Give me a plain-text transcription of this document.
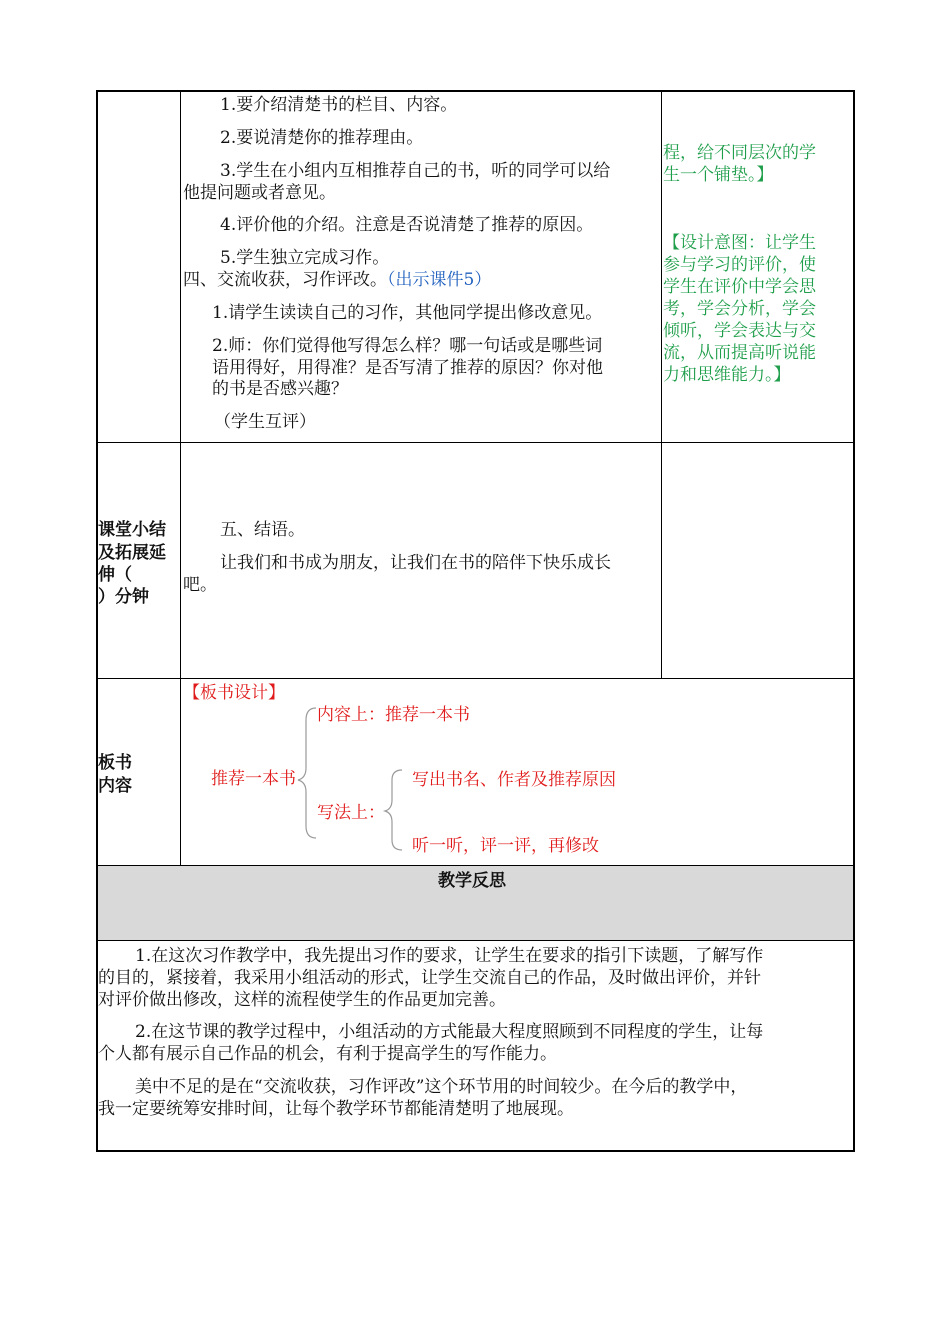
1.要介绍清楚书的栏目、内容。
2.要说清楚你的推荐理由。
3.学生在小组内互相推荐自己的书，听的同学可以给
他提问题或者意见。
4.评价他的介绍。注意是否说清楚了推荐的原因。
5.学生独立完成习作。
四、交流收获，习作评改。（出示课件5）
1.请学生读读自己的习作，其他同学提出修改意见。
2.师：你们觉得他写得怎么样？哪一句话或是哪些词
语用得好，用得准？是否写清了推荐的原因？你对他
的书是否感兴趣？
（学生互评）
程，给不同层次的学
生一个铺垫。】
【设计意图：让学生
参与学习的评价，使
学生在评价中学会思
考，学会分析，学会
倾听，学会表达与交
流，从而提高听说能
力和思维能力。】
课堂小结
及拓展延
伸（
）分钟
五、结语。
让我们和书成为朋友，让我们在书的陪伴下快乐成长
吧。
板书
内容
【板书设计】
推荐一本书
内容上：推荐一本书
写法上：
写出书名、作者及推荐原因
听一听，评一评，再修改
教学反思
1.在这次习作教学中，我先提出习作的要求，让学生在要求的指引下读题，了解写作
的目的，紧接着，我采用小组活动的形式，让学生交流自己的作品，及时做出评价，并针
对评价做出修改，这样的流程使学生的作品更加完善。
2.在这节课的教学过程中，小组活动的方式能最大程度照顾到不同程度的学生，让每
个人都有展示自己作品的机会，有利于提高学生的写作能力。
美中不足的是在“交流收获，习作评改”这个环节用的时间较少。在今后的教学中，
我一定要统筹安排时间，让每个教学环节都能清楚明了地展现。
